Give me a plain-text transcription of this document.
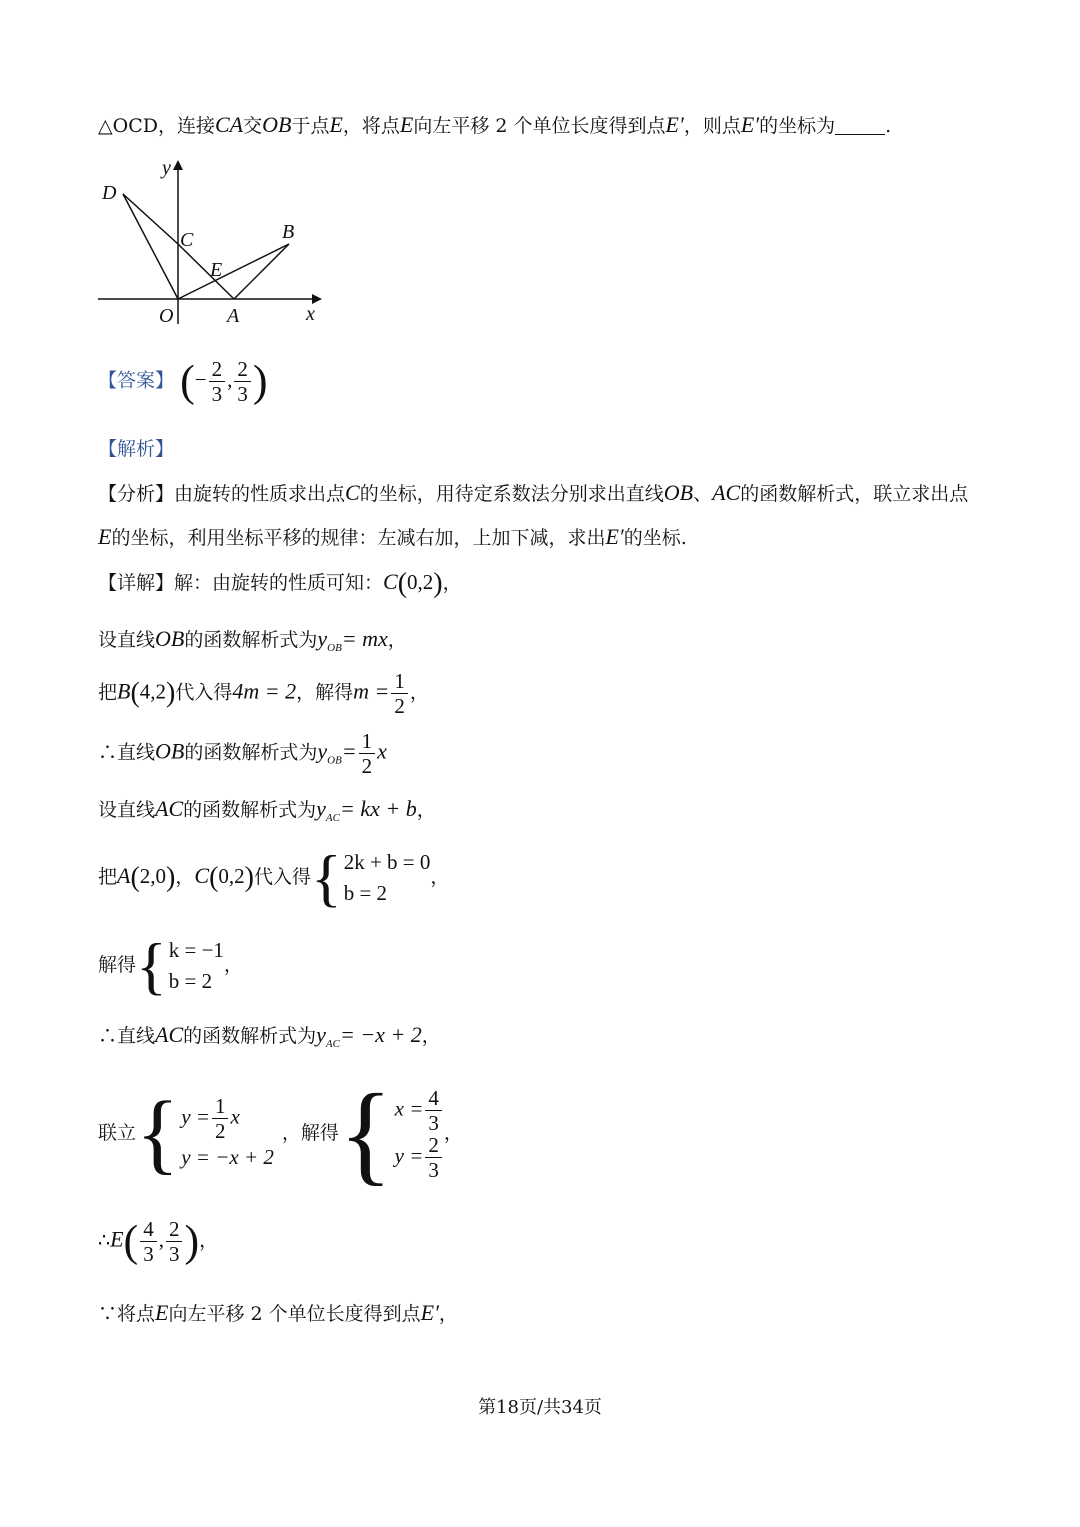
△OCD，连接CA交OB于点E，将点E向左平移 2 个单位长度得到点E′，则点E′的坐标为	.
y
x
O	A
B
C
D
E
【答案】 (− $\frac{2}{3}$ , $\frac{2}{3}$ )
【解析】
【分析】由旋转的性质求出点C的坐标，用待定系数法分别求出直线OB、AC的函数解析式，联立求出点
E的坐标，利用坐标平移的规律：左减右加，上加下减，求出E′的坐标.
【详解】解：由旋转的性质可知：C(0,2)，
设直线OB的函数解析式为$y_{OB}=$ mx，
把B(4,2)代入得4m = 2，解得$m = \frac{1}{2}$ ，
∴直线OB的函数解析式为$y_{OB}= \frac{1}{2}$ x
设直线AC的函数解析式为$y_{AC}=$ kx + b，
把A(2,0)，C(0,2)代入得 { 2k + b = 0
b = 2
，
解得 { k = −1
b = 2
，
∴直线AC的函数解析式为$y_{AC}= -x + 2$，
联立 { $y = \frac{1}{2}$ x
y = −x + 2
，解得 { $x = \frac{4}{3}$
$y = \frac{2}{3}$
，
∴E( $\frac{4}{3}$ , $\frac{2}{3}$ )，
∵将点E向左平移 2 个单位长度得到点E′，
第18页/共34页
